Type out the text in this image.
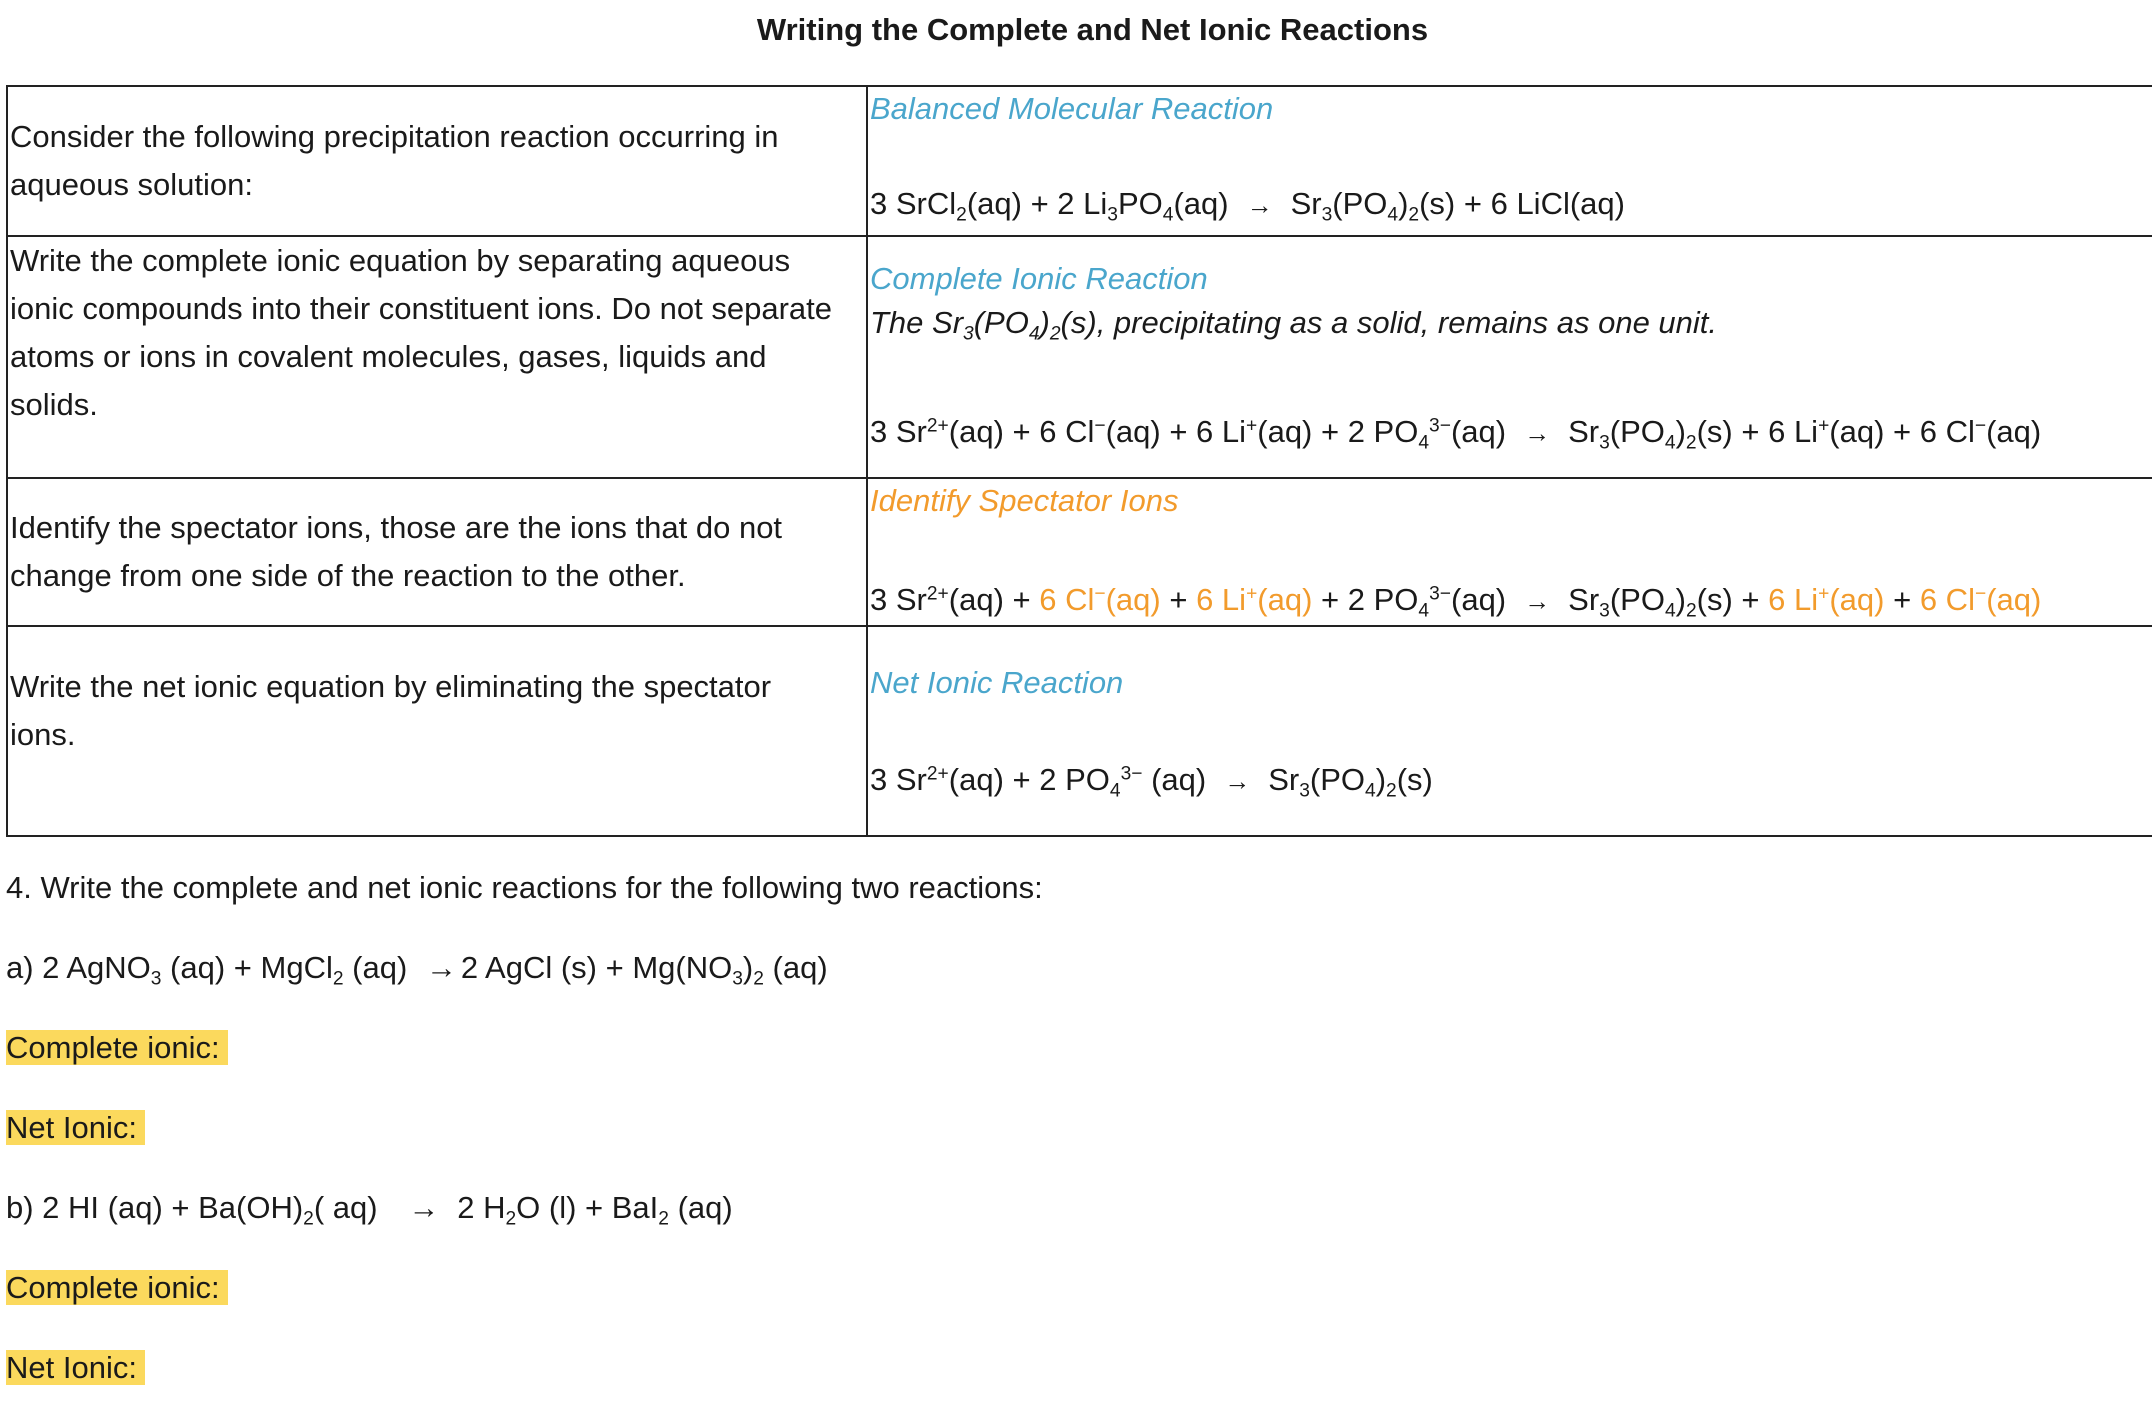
Writing the Complete and Net Ionic Reactions
Consider the following precipitation reaction occurring in aqueous solution:	Balanced Molecular Reaction
3 SrCl$_2$(aq) + 2 $Li_3PO_4(aq) \to Sr_3(PO_4)_2(s) + 6$ LiCl(aq)

Write the complete ionic equation by separating aqueous ionic compounds into their constituent ions. Do not separate atoms or ions in covalent molecules, gases, liquids and solids.	Complete Ionic Reaction
The $Sr_3(PO_4)_2(s)$, precipitating as a solid, remains as one unit.
3 $Sr^{2+}(aq) + 6$ Cl−(aq) + 6 Li+(aq) + 2 $PO_4^{3-}(aq) \to Sr_3(PO_4)_2(s) + 6$ Li+(aq) + 6 Cl−(aq)

Identify the spectator ions, those are the ions that do not change from one side of the reaction to the other.	Identify Spectator Ions
3 $Sr^{2+}(aq) + 6$ Cl−(aq) + 6 Li+(aq) + 2 $PO_4^{3-}(aq) \to Sr_3(PO_4)_2(s) + 6$ Li+(aq) + 6 Cl−(aq)

Write the net ionic equation by eliminating the spectator ions.	Net Ionic Reaction
3 $Sr^{2+}(aq) + 2$ $PO_4^{3-}$ $(aq) \to Sr_3(PO_4)_2(s)$
4. Write the complete and net ionic reactions for the following two reactions:
a) 2 AgNO$_3$ (aq) + MgCl$_2$ (aq) → 2 AgCl $(s) + Mg(NO_3)_2$ (aq)
Complete ionic:
Net Ionic:
b) 2 HI $(aq) + Ba(OH)_2$( aq) → 2 $H_2O$ (l) + BaI$_2$ (aq)
Complete ionic:
Net Ionic:
